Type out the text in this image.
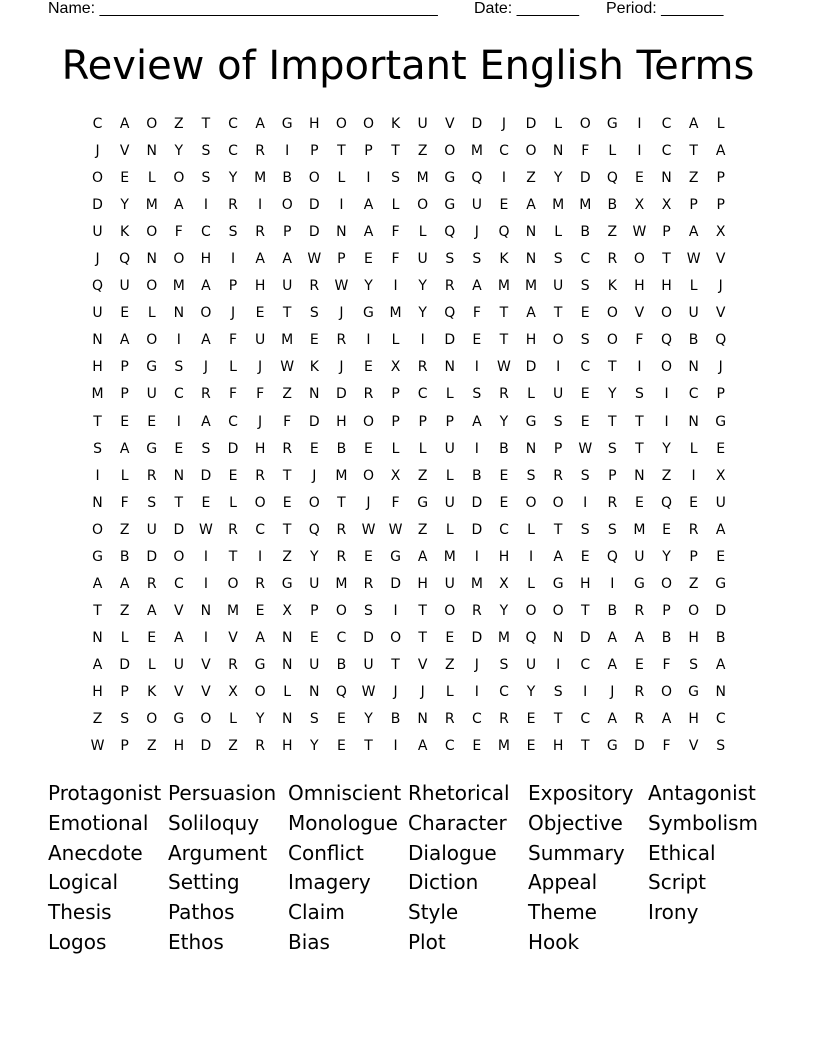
Name: ______________________________________ Date: _______ Period: _______
Review of Important English Terms
C	A	O	Z	T	C	A	G	H	O	O	K	U	V	D	J	D	L	O	G	I	C	A	L
J	V	N	Y	S	C	R	I	P	T	P	T	Z	O	M	C	O	N	F	L	I	C	T	A
O	E	L	O	S	Y	M	B	O	L	I	S	M	G	Q	I	Z	Y	D	Q	E	N	Z	P
D	Y	M	A	I	R	I	O	D	I	A	L	O	G	U	E	A	M	M	B	X	X	P	P
U	K	O	F	C	S	R	P	D	N	A	F	L	Q	J	Q	N	L	B	Z	W	P	A	X
J	Q	N	O	H	I	A	A	W	P	E	F	U	S	S	K	N	S	C	R	O	T	W	V
Q	U	O	M	A	P	H	U	R	W	Y	I	Y	R	A	M	M	U	S	K	H	H	L	J
U	E	L	N	O	J	E	T	S	J	G	M	Y	Q	F	T	A	T	E	O	V	O	U	V
N	A	O	I	A	F	U	M	E	R	I	L	I	D	E	T	H	O	S	O	F	Q	B	Q
H	P	G	S	J	L	J	W	K	J	E	X	R	N	I	W	D	I	C	T	I	O	N	J
M	P	U	C	R	F	F	Z	N	D	R	P	C	L	S	R	L	U	E	Y	S	I	C	P
T	E	E	I	A	C	J	F	D	H	O	P	P	P	A	Y	G	S	E	T	T	I	N	G
S	A	G	E	S	D	H	R	E	B	E	L	L	U	I	B	N	P	W	S	T	Y	L	E
I	L	R	N	D	E	R	T	J	M	O	X	Z	L	B	E	S	R	S	P	N	Z	I	X
N	F	S	T	E	L	O	E	O	T	J	F	G	U	D	E	O	O	I	R	E	Q	E	U
O	Z	U	D	W	R	C	T	Q	R	W W	Z	L	D	C	L	T	S	S	M	E	R	A
G	B	D	O	I	T	I	Z	Y	R	E	G	A	M	I	H	I	A	E	Q	U	Y	P	E
A	A	R	C	I	O	R	G	U	M	R	D	H	U	M	X	L	G	H	I	G	O	Z	G
T	Z	A	V	N	M	E	X	P	O	S	I	T	O	R	Y	O	O	T	B	R	P	O	D
N	L	E	A	I	V	A	N	E	C	D	O	T	E	D	M	Q	N	D	A	A	B	H	B
A	D	L	U	V	R	G	N	U	B	U	T	V	Z	J	S	U	I	C	A	E	F	S	A
H	P	K	V	V	X	O	L	N	Q	W	J	J	L	I	C	Y	S	I	J	R	O	G	N
Z	S	O	G	O	L	Y	N	S	E	Y	B	N	R	C	R	E	T	C	A	R	A	H	C
W	P	Z	H	D	Z	R	H	Y	E	T	I	A	C	E	M	E	H	T	G	D	F	V	S
Protagonist Persuasion Omniscient Rhetorical Expository Antagonist
Emotional Soliloquy	Monologue Character	Objective	Symbolism
Anecdote	Argument	Conflict	Dialogue	Summary	Ethical
Logical	Setting	Imagery	Diction	Appeal	Script
Thesis	Pathos	Claim	Style	Theme	Irony
Logos	Ethos	Bias	Plot	Hook
